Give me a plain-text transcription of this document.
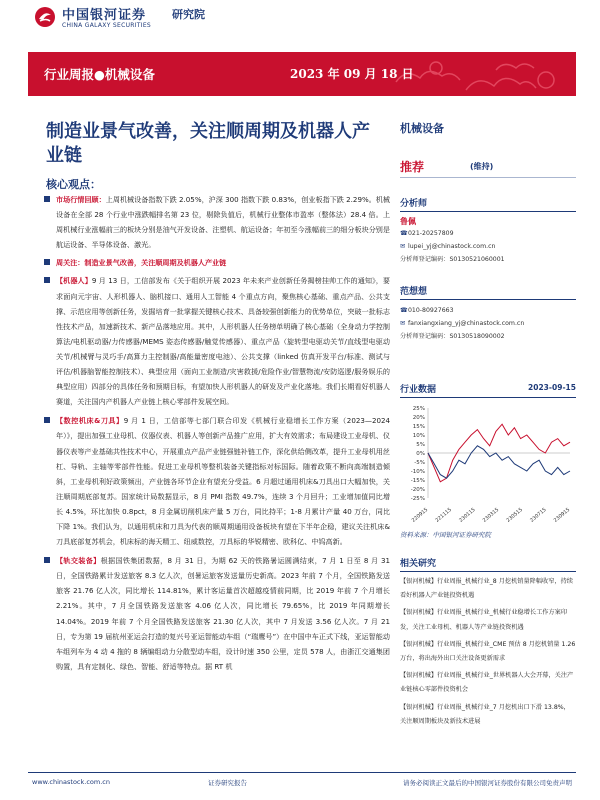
中国银河证券
CHINA GALAXY SECURITIES
研究院
行业周报●机械设备	2023 年 09 月 18 日
制造业景气改善，关注顺周期及机器人产业链
核心观点：
市场行情回顾：上周机械设备指数下跌 2.05%，沪深 300 指数下跌 0.83%，创业板指下跌 2.29%。机械设备在全部 28 个行业中涨跌幅排名第 23 位，剔除负值后，机械行业整体市盈率（整体法）28.4 倍。上周机械行业涨幅前三的板块分别是油气开发设备、注塑机、航运设备；年初至今涨幅前三的细分板块分别是航运设备、半导体设备、激光。
周关注：制造业景气改善，关注顺周期及机器人产业链
【机器人】9 月 13 日，工信部发布《关于组织开展 2023 年未来产业创新任务揭榜挂帅工作的通知》，要求面向元宇宙、人形机器人、脑机接口、通用人工智能 4 个重点方向，聚焦核心基础、重点产品、公共支撑、示范应用等创新任务，发掘培育一批掌握关键核心技术、具备较强创新能力的优势单位，突破一批标志性技术产品，加速新技术、新产品落地应用。其中，人形机器人任务榜单明确了核心基础（全身动力学控制算法/电机驱动器/力传感器/MEMS 姿态传感器/触觉传感器）、重点产品（旋转型电驱动关节/直线型电驱动关节/机械臂与灵巧手/高算力主控制器/高能量密度电池）、公共支撑（linked 仿真开发平台/标准、测试与评估/机器脑智能控制技术）、典型应用（面向工业制造/灾害救援/危险作业/智慧物流/安防巡逻/服务娱乐的典型应用）四部分的具体任务和预期目标，有望加快人形机器人的研发及产业化落地。我们长期看好机器人赛道，关注国内产机器人产业链上核心零部件发展空间。
【数控机床&刀具】9 月 1 日，工信部等七部门联合印发《机械行业稳增长工作方案（2023—2024 年）》，提出加强工业母机、仪器仪表、机器人等创新产品推广应用，扩大有效需求；布局建设工业母机、仪器仪表等产业基础共性技术中心，开展重点产品产业链强链补链工作，深化供给侧改革，提升工业母机用丝杠、导轨、主轴等零部件性能。促进工业母机等整机装备关键指标对标国际。随着政策不断向高端制造倾斜，工业母机利好政策频出，产业链各环节企业有望充分受益。6 月超过通用机床&刀具出口大幅加快，关注顺周期底部复苏。国家统计局数据显示，8 月 PMI 指数 49.7%，连续 3 个月回升；工业增加值同比增长 4.5%，环比加快 0.8pct，8 月金属切削机床产量 5 万台，同比持平；1-8 月累计产量 40 万台，同比下降 1%。我们认为，以通用机床和刀具为代表的顺周期通用设备板块有望在下半年企稳，建议关注机床&刀具底部复苏机会，机床标的海天精工、纽威数控，刀具标的华锐精密、欧科亿、中钨高新。
【轨交装备】根据国铁集团数据，8 月 31 日，为期 62 天的铁路暑运圆满结束，7 月 1 日至 8 月 31 日，全国铁路累计发送旅客 8.3 亿人次，创暑运旅客发送量历史新高。2023 年前 7 个月，全国铁路发送旅客 21.76 亿人次，同比增长 114.81%，累计客运量首次超越疫情前同期，比 2019 年前 7 个月增长 2.21%。其中，7 月全国铁路发送旅客 4.06 亿人次，同比增长 79.65%，比 2019 年同期增长 14.04%。2019 年前 7 个月全国铁路发送旅客 21.30 亿人次，其中 7 月发送 3.56 亿人次。7 月 21 日，专为第 19 届杭州亚运会打造的复兴号亚运智能动车组（“瑞鹰号”）在中国中车正式下线，亚运智能动车组列车为 4 动 4 拖的 8 辆编组动力分散型动车组，设计时速 350 公里，定员 578 人，由浙江交通集团购置，具有定制化、绿色、智能、舒适等特点。据 RT 机
机械设备
推荐	(维持)
分析师
鲁佩
☎021-20257809
✉ lupei_yj@chinastock.com.cn
分析师登记编码：S0130521060001
范想想
☎010-80927663
✉ fanxiangxiang_yj@chinastock.com.cn
分析师登记编码：S0130518090002
行业数据	2023-09-15
25%
20%
15%
10%
5%
0%
-5%
-10%
-15%
-20%
-25%
220915 221115 230115 230315 230515 230715 230915
资料来源：中国银河证券研究院
相关研究
【银河机械】行业周报_机械行业_8 月挖机销量降幅收窄，持续看好机器人产业链投资机遇
【银河机械】行业周报_机械行业_机械行业稳增长工作方案印发，关注工业母机、机器人等产业链投资机遇
【银河机械】行业周报_机械行业_CME 预估 8 月挖机销量 1.26 万台，将出海外出口关注设备更新需求
【银河机械】行业周报_机械行业_世界机器人大会开幕，关注产业链核心零部件投资机会
【银河机械】行业周报_机械行业_7 月挖机出口下滑 13.8%，关注顺周期板块及新技术进展
www.chinastock.com.cn	证券研究报告	请务必阅读正文最后的中国银河证券股份有限公司免责声明
